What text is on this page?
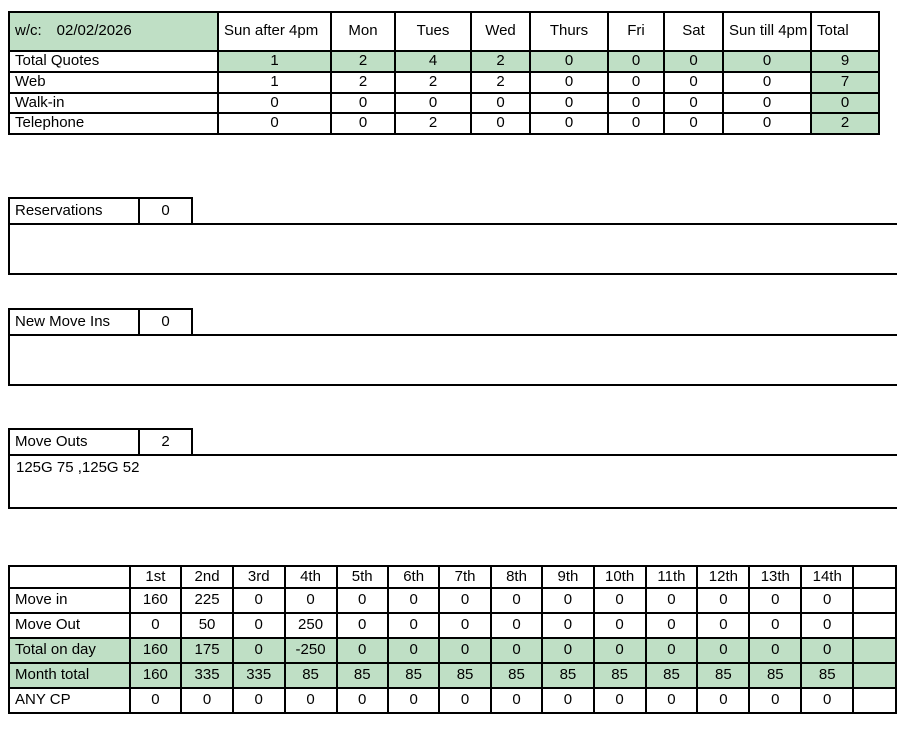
w/c: 02/02/2026	Sun after 4pm	Mon	Tues	Wed	Thurs	Fri	Sat	Sun till 4pm	Total
Total Quotes	1	2	4	2	0	0	0	0	9
Web	1	2	2	2	0	0	0	0	7
Walk-in	0	0	0	0	0	0	0	0	0
Telephone	0	0	2	0	0	0	0	0	2
Reservations	0
New Move Ins	0
Move Outs	2
125G 75 ,125G 52
	1st	2nd	3rd	4th	5th	6th	7th	8th	9th	10th	11th	12th	13th	14th	
Move in	160	225	0	0	0	0	0	0	0	0	0	0	0	0	
Move Out	0	50	0	250	0	0	0	0	0	0	0	0	0	0	
Total on day	160	175	0	-250	0	0	0	0	0	0	0	0	0	0	
Month total	160	335	335	85	85	85	85	85	85	85	85	85	85	85	
ANY CP	0	0	0	0	0	0	0	0	0	0	0	0	0	0	
